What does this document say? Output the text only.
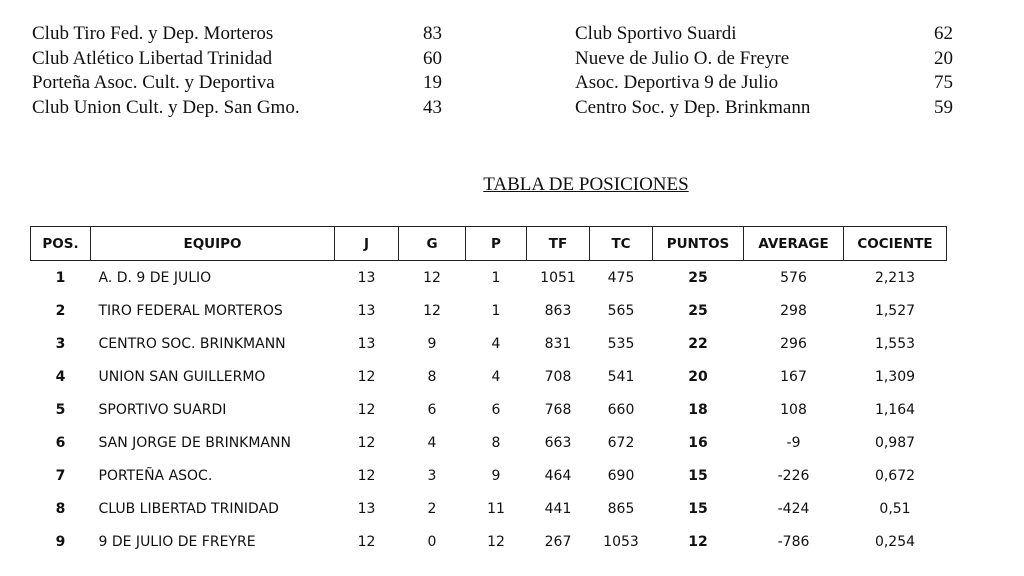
Club Tiro Fed. y Dep. Morteros	83
Club Atlético Libertad Trinidad	60
Porteña Asoc. Cult. y Deportiva	19
Club Union Cult. y Dep. San Gmo.	43
Club Sportivo Suardi	62
Nueve de Julio O. de Freyre	20
Asoc. Deportiva 9 de Julio	75
Centro Soc. y Dep. Brinkmann	59
TABLA DE POSICIONES
POS.	EQUIPO	J	G	P	TF	TC	PUNTOS	AVERAGE	COCIENTE
1	A. D. 9 DE JULIO	13	12	1	1051	475	25	576	2,213
2	TIRO FEDERAL MORTEROS	13	12	1	863	565	25	298	1,527
3	CENTRO SOC. BRINKMANN	13	9	4	831	535	22	296	1,553
4	UNION SAN GUILLERMO	12	8	4	708	541	20	167	1,309
5	SPORTIVO SUARDI	12	6	6	768	660	18	108	1,164
6	SAN JORGE DE BRINKMANN	12	4	8	663	672	16	-9	0,987
7	PORTEÑA ASOC.	12	3	9	464	690	15	-226	0,672
8	CLUB LIBERTAD TRINIDAD	13	2	11	441	865	15	-424	0,51
9	9 DE JULIO DE FREYRE	12	0	12	267	1053	12	-786	0,254
